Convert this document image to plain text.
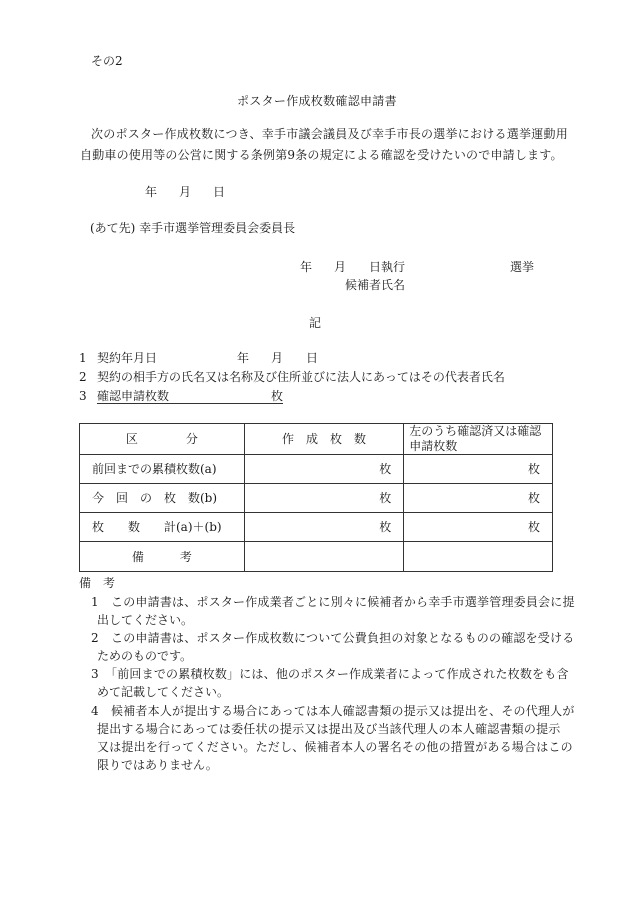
その2
ポスター作成枚数確認申請書
次のポスター作成枚数につき、幸手市議会議員及び幸手市長の選挙における選挙運動用
自動車の使用等の公営に関する条例第9条の規定による確認を受けたいので申請します。
年 月 日
(あて先) 幸手市選挙管理委員会委員長
年 月 日執行	選挙
候補者氏名
記
1 契約年月日	年 月 日
2 契約の相手方の氏名又は名称及び住所並びに法人にあってはその代表者氏名
3 確認申請枚数	枚
区　　　　分	作　成　枚　数	左のうち確認済又は確認
申請枚数

前回までの累積枚数(a)	枚	枚
今　回　の　枚　数(b)	枚	枚
枚　　数　　計(a)＋(b)	枚	枚
備　　　考		
備　考
1　この申請書は、ポスター作成業者ごとに別々に候補者から幸手市選挙管理委員会に提
出してください。
2　この申請書は、ポスター作成枚数について公費負担の対象となるものの確認を受ける
ためのものです。
3　「前回までの累積枚数」には、他のポスター作成業者によって作成された枚数をも含
めて記載してください。
4　候補者本人が提出する場合にあっては本人確認書類の提示又は提出を、その代理人が
提出する場合にあっては委任状の提示又は提出及び当該代理人の本人確認書類の提示
又は提出を行ってください。ただし、候補者本人の署名その他の措置がある場合はこの
限りではありません。
